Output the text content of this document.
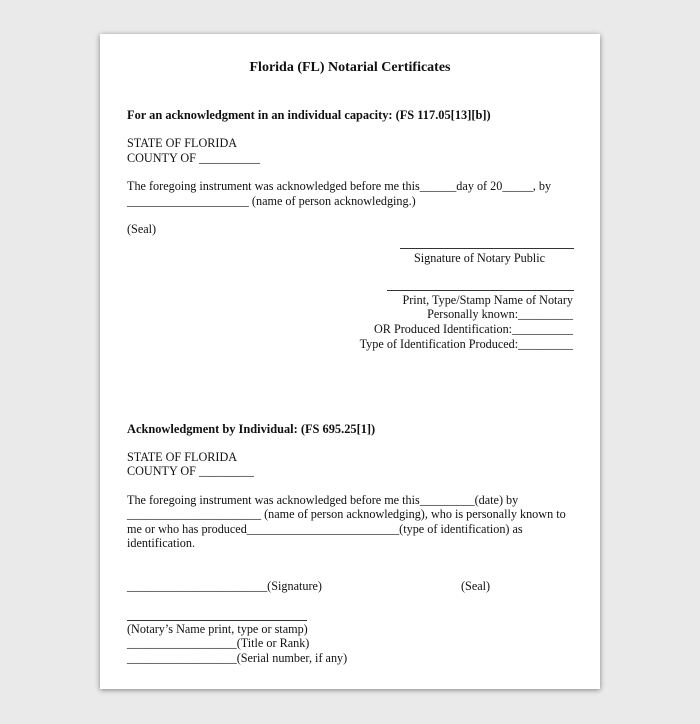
Florida (FL) Notarial Certificates
For an acknowledgment in an individual capacity: (FS 117.05[13][b])
STATE OF FLORIDA
COUNTY OF __________
The foregoing instrument was acknowledged before me this______day of 20_____, by
____________________ (name of person acknowledging.)
(Seal)
Signature of Notary Public
Print, Type/Stamp Name of Notary
Personally known:_________
OR Produced Identification:__________
Type of Identification Produced:_________
Acknowledgment by Individual: (FS 695.25[1])
STATE OF FLORIDA
COUNTY OF _________
The foregoing instrument was acknowledged before me this_________(date) by
______________________ (name of person acknowledging), who is personally known to
me or who has produced_________________________(type of identification) as
identification.
_______________________(Signature)	(Seal)
(Notary’s Name print, type or stamp)
__________________(Title or Rank)
__________________(Serial number, if any)
